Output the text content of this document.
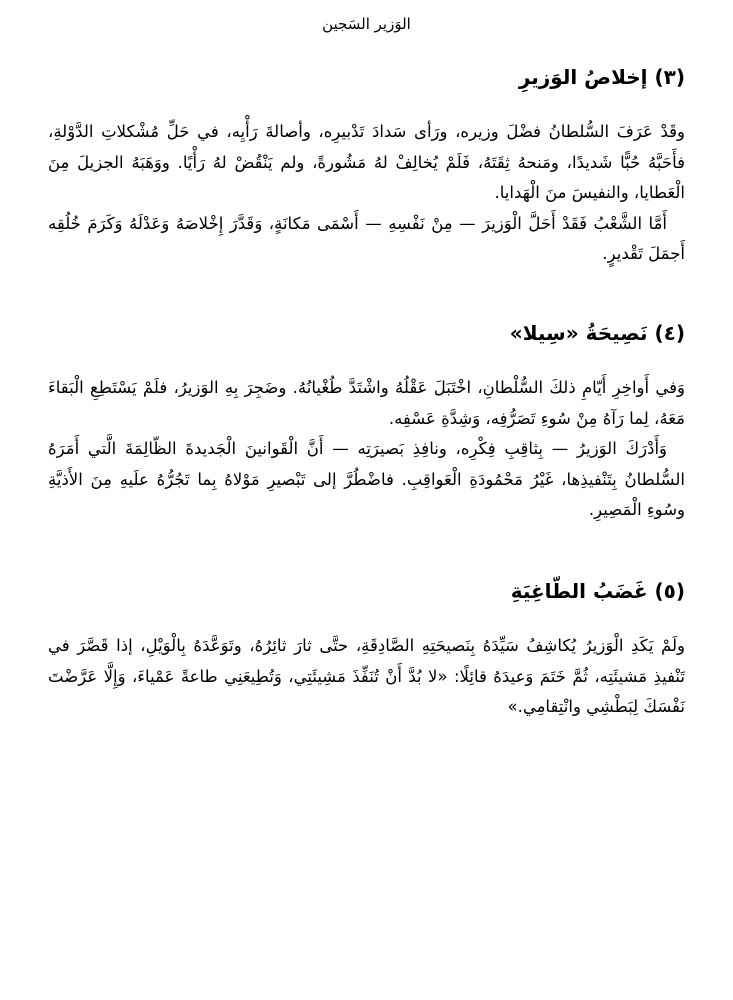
الوَزير السَجين
(٣) إخلاصُ الوَزيرِ

وقَدْ عَرَفَ السُّلطانُ فضْلَ وزيره، ورَأى سَدادَ تَدْبيرِه، وأصالةَ رَأْيِه، في حَلِّ مُشْكلاتِ الدَّوْلةِ، فأَحَبَّهُ حُبًّا شَديدًا، ومَنحهُ ثِقَتَهُ، فَلَمْ يُخالِفْ لهُ مَشُورةً، ولم يَنْقُضْ لهُ رَأْيًا. ووَهَبَهُ الجزيلَ مِنَ الْعَطايا، والنفيسَ منَ الْهَدايا.

أَمَّا الشَّعْبُ فَقَدْ أَحَلَّ الْوَزيرَ — مِنْ نَفْسِهِ — أَسْمَى مَكانَةٍ، وَقَدَّرَ إِخْلاصَهُ وَعَدْلَهُ وَكَرَمَ خُلُقِه أَجمَلَ تَقْديرٍ.

(٤) نَصِيحَةُ «سِيلا»

وَفي أَواخِرِ أَيّامِ ذلكَ السُّلْطانِ، اخْتَبَلَ عَقْلُهُ واشْتَدَّ طُغْيانُهُ. وضَجِرَ بِهِ الوَزيرُ، فلَمْ يَسْتَطِعِ الْبَقاءَ مَعَهُ، لِما رَآهُ مِنْ سُوءِ تَصَرُّفِه، وَشِدَّةِ عَسْفِه.

وَأَدْرَكَ الوَزيرُ — بِثاقِبِ فِكْرِه، ونافِذِ بَصيرَتِه — أَنَّ الْقَوانينَ الْجَديدةَ الظّالِمَةَ الَّتي أَمَرَهُ السُّلطانُ بِتَنْفيذِها، غَيْرُ مَحْمُودَةِ الْعَواقِبِ. فاضْطُرَّ إلى تَبْصيرِ مَوْلاهُ بِما تَجُرُّهُ علَيهِ مِنَ الأَذيَّةِ وسُوءِ الْمَصِيرِ.

(٥) غَضَبُ الطّاغِيَةِ

ولَمْ يَكَدِ الْوَزيرُ يُكاشِفُ سَيِّدَهُ بِنَصيحَتِهِ الصَّادِقَةِ، حتَّى ثارَ ثائِرُهُ، وتَوَعَّدَهُ بِالْوَيْلِ، إذا قَصَّرَ في تَنْفيذِ مَشيئَتِه، ثُمَّ خَتَمَ وَعيدَهُ قائِلًا: «لا بُدَّ أَنْ تُنَفِّذَ مَشِيئَتِي، وَتُطِيعَنِي طاعةً عَمْياءَ، وَإِلَّا عَرَّضْتَ نَفْسَكَ لِبَطْشِي وانْتِقامِي.»
